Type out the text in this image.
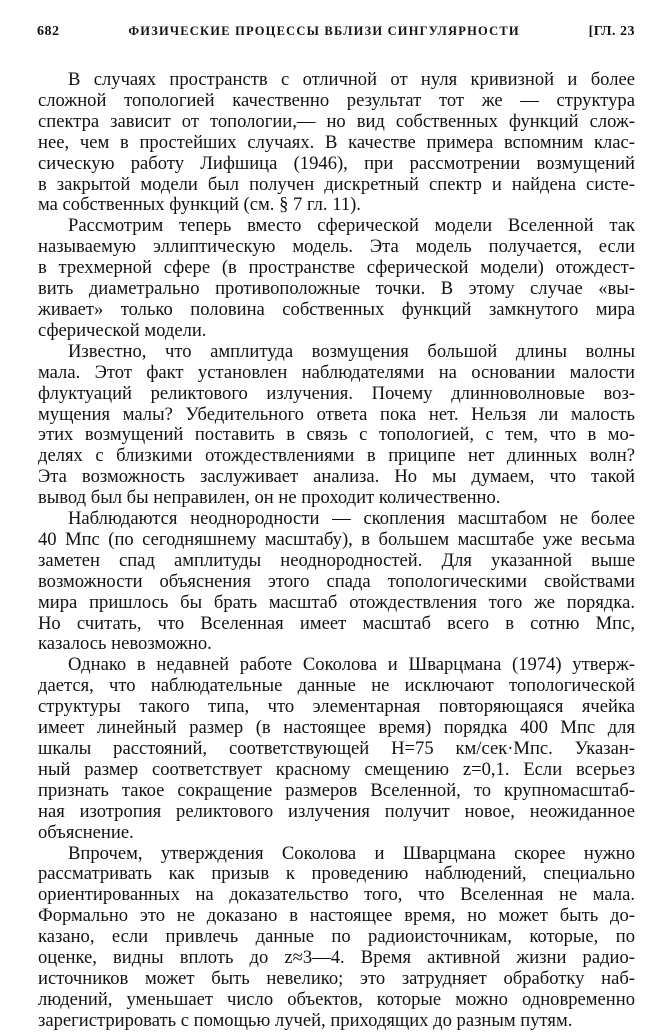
682	ФИЗИЧЕСКИЕ ПРОЦЕССЫ ВБЛИЗИ СИНГУЛЯРНОСТИ	[ГЛ. 23

В случаях пространств с отличной от нуля кривизной и более
сложной топологией качественно результат тот же — структура
спектра зависит от топологии,— но вид собственных функций слож-
нее, чем в простейших случаях. В качестве примера вспомним клас-
сическую работу Лифшица (1946), при рассмотрении возмущений
в закрытой модели был получен дискретный спектр и найдена систе-
ма собственных функций (см. § 7 гл. 11).

Рассмотрим теперь вместо сферической модели Вселенной так
называемую эллиптическую модель. Эта модель получается, если
в трехмерной сфере (в пространстве сферической модели) отождест-
вить диаметрально противоположные точки. В этому случае «вы-
живает» только половина собственных функций замкнутого мира
сферической модели.

Известно, что амплитуда возмущения большой длины волны
мала. Этот факт установлен наблюдателями на основании малости
флуктуаций реликтового излучения. Почему длинноволновые воз-
мущения малы? Убедительного ответа пока нет. Нельзя ли малость
этих возмущений поставить в связь с топологией, с тем, что в мо-
делях с близкими отождествлениями в приципе нет длинных волн?
Эта возможность заслуживает анализа. Но мы думаем, что такой
вывод был бы неправилен, он не проходит количественно.

Наблюдаются неоднородности — скопления масштабом не более
40 Мпс (по сегодняшнему масштабу), в большем масштабе уже весьма
заметен спад амплитуды неоднородностей. Для указанной выше
возможности объяснения этого спада топологическими свойствами
мира пришлось бы брать масштаб отождествления того же порядка.
Но считать, что Вселенная имеет масштаб всего в сотню Мпс,
казалось невозможно.

Однако в недавней работе Соколова и Шварцмана (1974) утверж-
дается, что наблюдательные данные не исключают топологической
структуры такого типа, что элементарная повторяющаяся ячейка
имеет линейный размер (в настоящее время) порядка 400 Мпс для
шкалы расстояний, соответствующей H=75 км/сек·Мпс. Указан-
ный размер соответствует красному смещению z=0,1. Если всерьез
признать такое сокращение размеров Вселенной, то крупномасштаб-
ная изотропия реликтового излучения получит новое, неожиданное
объяснение.

Впрочем, утверждения Соколова и Шварцмана скорее нужно
рассматривать как призыв к проведению наблюдений, специально
ориентированных на доказательство того, что Вселенная не мала.
Формально это не доказано в настоящее время, но может быть до-
казано, если привлечь данные по радиоисточникам, которые, по
оценке, видны вплоть до z≈3—4. Время активной жизни радио-
источников может быть невелико; это затрудняет обработку наб-
людений, уменьшает число объектов, которые можно одновременно
зарегистрировать с помощью лучей, приходящих до разным путям.
